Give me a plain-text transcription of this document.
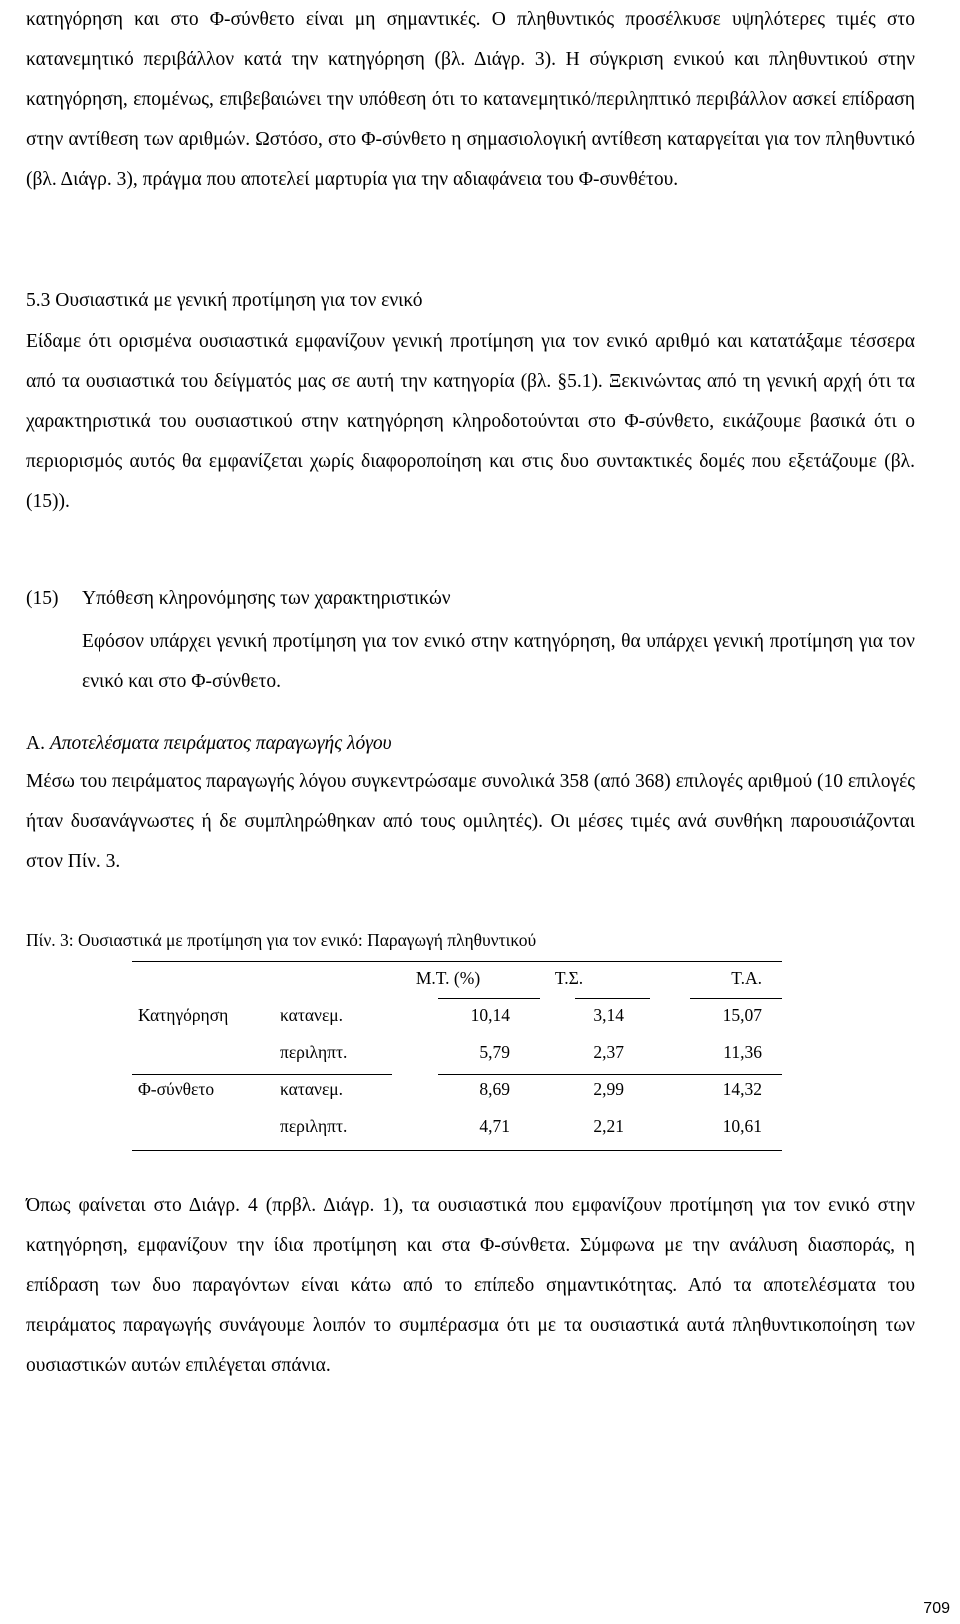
κατηγόρηση και στο Φ-σύνθετο είναι μη σημαντικές. Ο πληθυντικός προσέλκυσε υψηλότερες τιμές στο κατανεμητικό περιβάλλον κατά την κατηγόρηση (βλ. Διάγρ. 3). Η σύγκριση ενικού και πληθυντικού στην κατηγόρηση, επομένως, επιβεβαιώνει την υπόθεση ότι το κατανεμητικό/περιληπτικό περιβάλλον ασκεί επίδραση στην αντίθεση των αριθμών. Ωστόσο, στο Φ-σύνθετο η σημασιολογική αντίθεση καταργείται για τον πληθυντικό (βλ. Διάγρ. 3), πράγμα που αποτελεί μαρτυρία για την αδιαφάνεια του Φ-συνθέτου.

5.3 Ουσιαστικά με γενική προτίμηση για τον ενικό

Είδαμε ότι ορισμένα ουσιαστικά εμφανίζουν γενική προτίμηση για τον ενικό αριθμό και κατατάξαμε τέσσερα από τα ουσιαστικά του δείγματός μας σε αυτή την κατηγορία (βλ. §5.1). Ξεκινώντας από τη γενική αρχή ότι τα χαρακτηριστικά του ουσιαστικού στην κατηγόρηση κληροδοτούνται στο Φ-σύνθετο, εικάζουμε βασικά ότι ο περιορισμός αυτός θα εμφανίζεται χωρίς διαφοροποίηση και στις δυο συντακτικές δομές που εξετάζουμε (βλ. (15)).

(15) Υπόθεση κληρονόμησης των χαρακτηριστικών

Εφόσον υπάρχει γενική προτίμηση για τον ενικό στην κατηγόρηση, θα υπάρχει γενική προτίμηση για τον ενικό και στο Φ-σύνθετο.

Α. Αποτελέσματα πειράματος παραγωγής λόγου

Μέσω του πειράματος παραγωγής λόγου συγκεντρώσαμε συνολικά 358 (από 368) επιλογές αριθμού (10 επιλογές ήταν δυσανάγνωστες ή δε συμπληρώθηκαν από τους ομιλητές). Οι μέσες τιμές ανά συνθήκη παρουσιάζονται στον Πίν. 3.

Πίν. 3: Ουσιαστικά με προτίμηση για τον ενικό: Παραγωγή πληθυντικού
		Μ.Τ. (%)	Τ.Σ.	Τ.Α.
Κατηγόρηση	κατανεμ.	10,14	3,14	15,07
	περιληπτ.	5,79	2,37	11,36
Φ-σύνθετο	κατανεμ.	8,69	2,99	14,32
	περιληπτ.	4,71	2,21	10,61

Όπως φαίνεται στο Διάγρ. 4 (πρβλ. Διάγρ. 1), τα ουσιαστικά που εμφανίζουν προτίμηση για τον ενικό στην κατηγόρηση, εμφανίζουν την ίδια προτίμηση και στα Φ-σύνθετα. Σύμφωνα με την ανάλυση διασποράς, η επίδραση των δυο παραγόντων είναι κάτω από το επίπεδο σημαντικότητας. Από τα αποτελέσματα του πειράματος παραγωγής συνάγουμε λοιπόν το συμπέρασμα ότι με τα ουσιαστικά αυτά πληθυντικοποίηση των ουσιαστικών αυτών επιλέγεται σπάνια.

709
